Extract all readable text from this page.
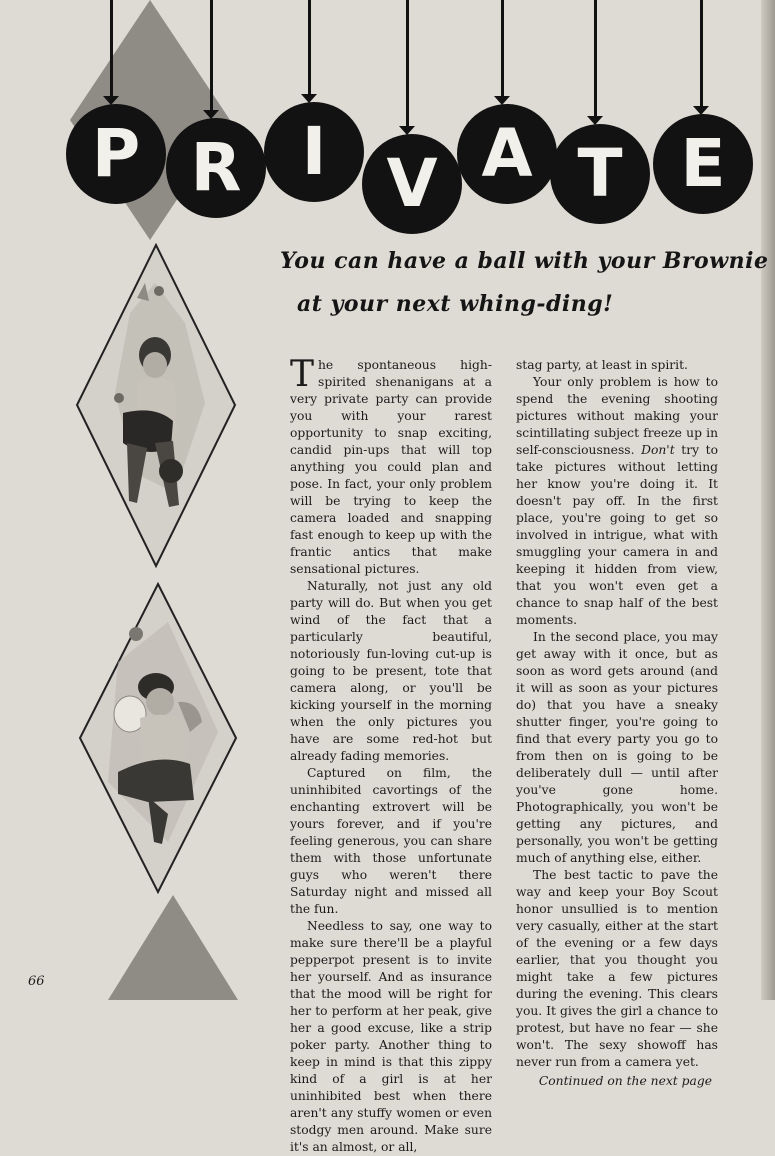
P R I V A T E
You can have a ball with your Brownie
at your next whing-ding!

The spontaneous high-spirited shenanigans at a very private party can provide you with your rarest opportunity to snap exciting, candid pin-ups that will top anything you could plan and pose. In fact, your only problem will be trying to keep the camera loaded and snapping fast enough to keep up with the frantic antics that make sensational pictures.

Naturally, not just any old party will do. But when you get wind of the fact that a particularly beautiful, notoriously fun-loving cut-up is going to be present, tote that camera along, or you'll be kicking yourself in the morning when the only pictures you have are some red-hot but already fading memories.

Captured on film, the uninhibited cavortings of the enchanting extrovert will be yours forever, and if you're feeling generous, you can share them with those unfortunate guys who weren't there Saturday night and missed all the fun.

Needless to say, one way to make sure there'll be a playful pepperpot present is to invite her yourself. And as insurance that the mood will be right for her to perform at her peak, give her a good excuse, like a strip poker party. Another thing to keep in mind is that this zippy kind of a girl is at her uninhibited best when there aren't any stuffy women or even stodgy men around. Make sure it's an almost, or all,

stag party, at least in spirit.

Your only problem is how to spend the evening shooting pictures without making your scintillating subject freeze up in self-consciousness. Don't try to take pictures without letting her know you're doing it. It doesn't pay off. In the first place, you're going to get so involved in intrigue, what with smuggling your camera in and keeping it hidden from view, that you won't even get a chance to snap half of the best moments.

In the second place, you may get away with it once, but as soon as word gets around (and it will as soon as your pictures do) that you have a sneaky shutter finger, you're going to find that every party you go to from then on is going to be deliberately dull — until after you've gone home. Photographically, you won't be getting any pictures, and personally, you won't be getting much of anything else, either.

The best tactic to pave the way and keep your Boy Scout honor unsullied is to mention very casually, either at the start of the evening or a few days earlier, that you thought you might take a few pictures during the evening. This clears you. It gives the girl a chance to protest, but have no fear — she won't. The sexy showoff has never run from a camera yet.

Continued on the next page

66
